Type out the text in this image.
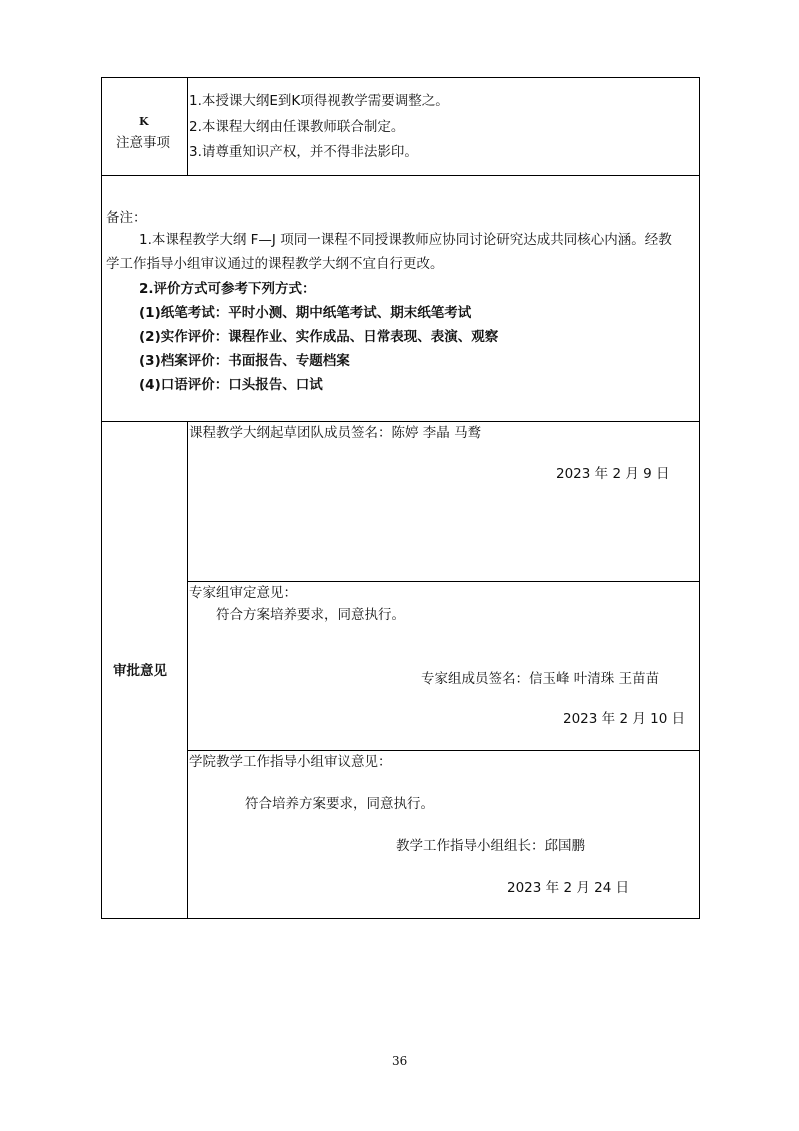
K
注意事项
1.本授课大纲E到K项得视教学需要调整之。
2.本课程大纲由任课教师联合制定。
3.请尊重知识产权，并不得非法影印。
备注：
1.本课程教学大纲 F—J 项同一课程不同授课教师应协同讨论研究达成共同核心内涵。经教
学工作指导小组审议通过的课程教学大纲不宜自行更改。
2.评价方式可参考下列方式：
(1)纸笔考试：平时小测、期中纸笔考试、期末纸笔考试
(2)实作评价：课程作业、实作成品、日常表现、表演、观察
(3)档案评价：书面报告、专题档案
(4)口语评价：口头报告、口试
审批意见
课程教学大纲起草团队成员签名：陈婷 李晶 马鹜
2023 年 2 月 9 日
专家组审定意见：
符合方案培养要求，同意执行。
专家组成员签名：信玉峰 叶清珠 王苗苗
2023 年 2 月 10 日
学院教学工作指导小组审议意见：
符合培养方案要求，同意执行。
教学工作指导小组组长：邱国鹏
2023 年 2 月 24 日
36
